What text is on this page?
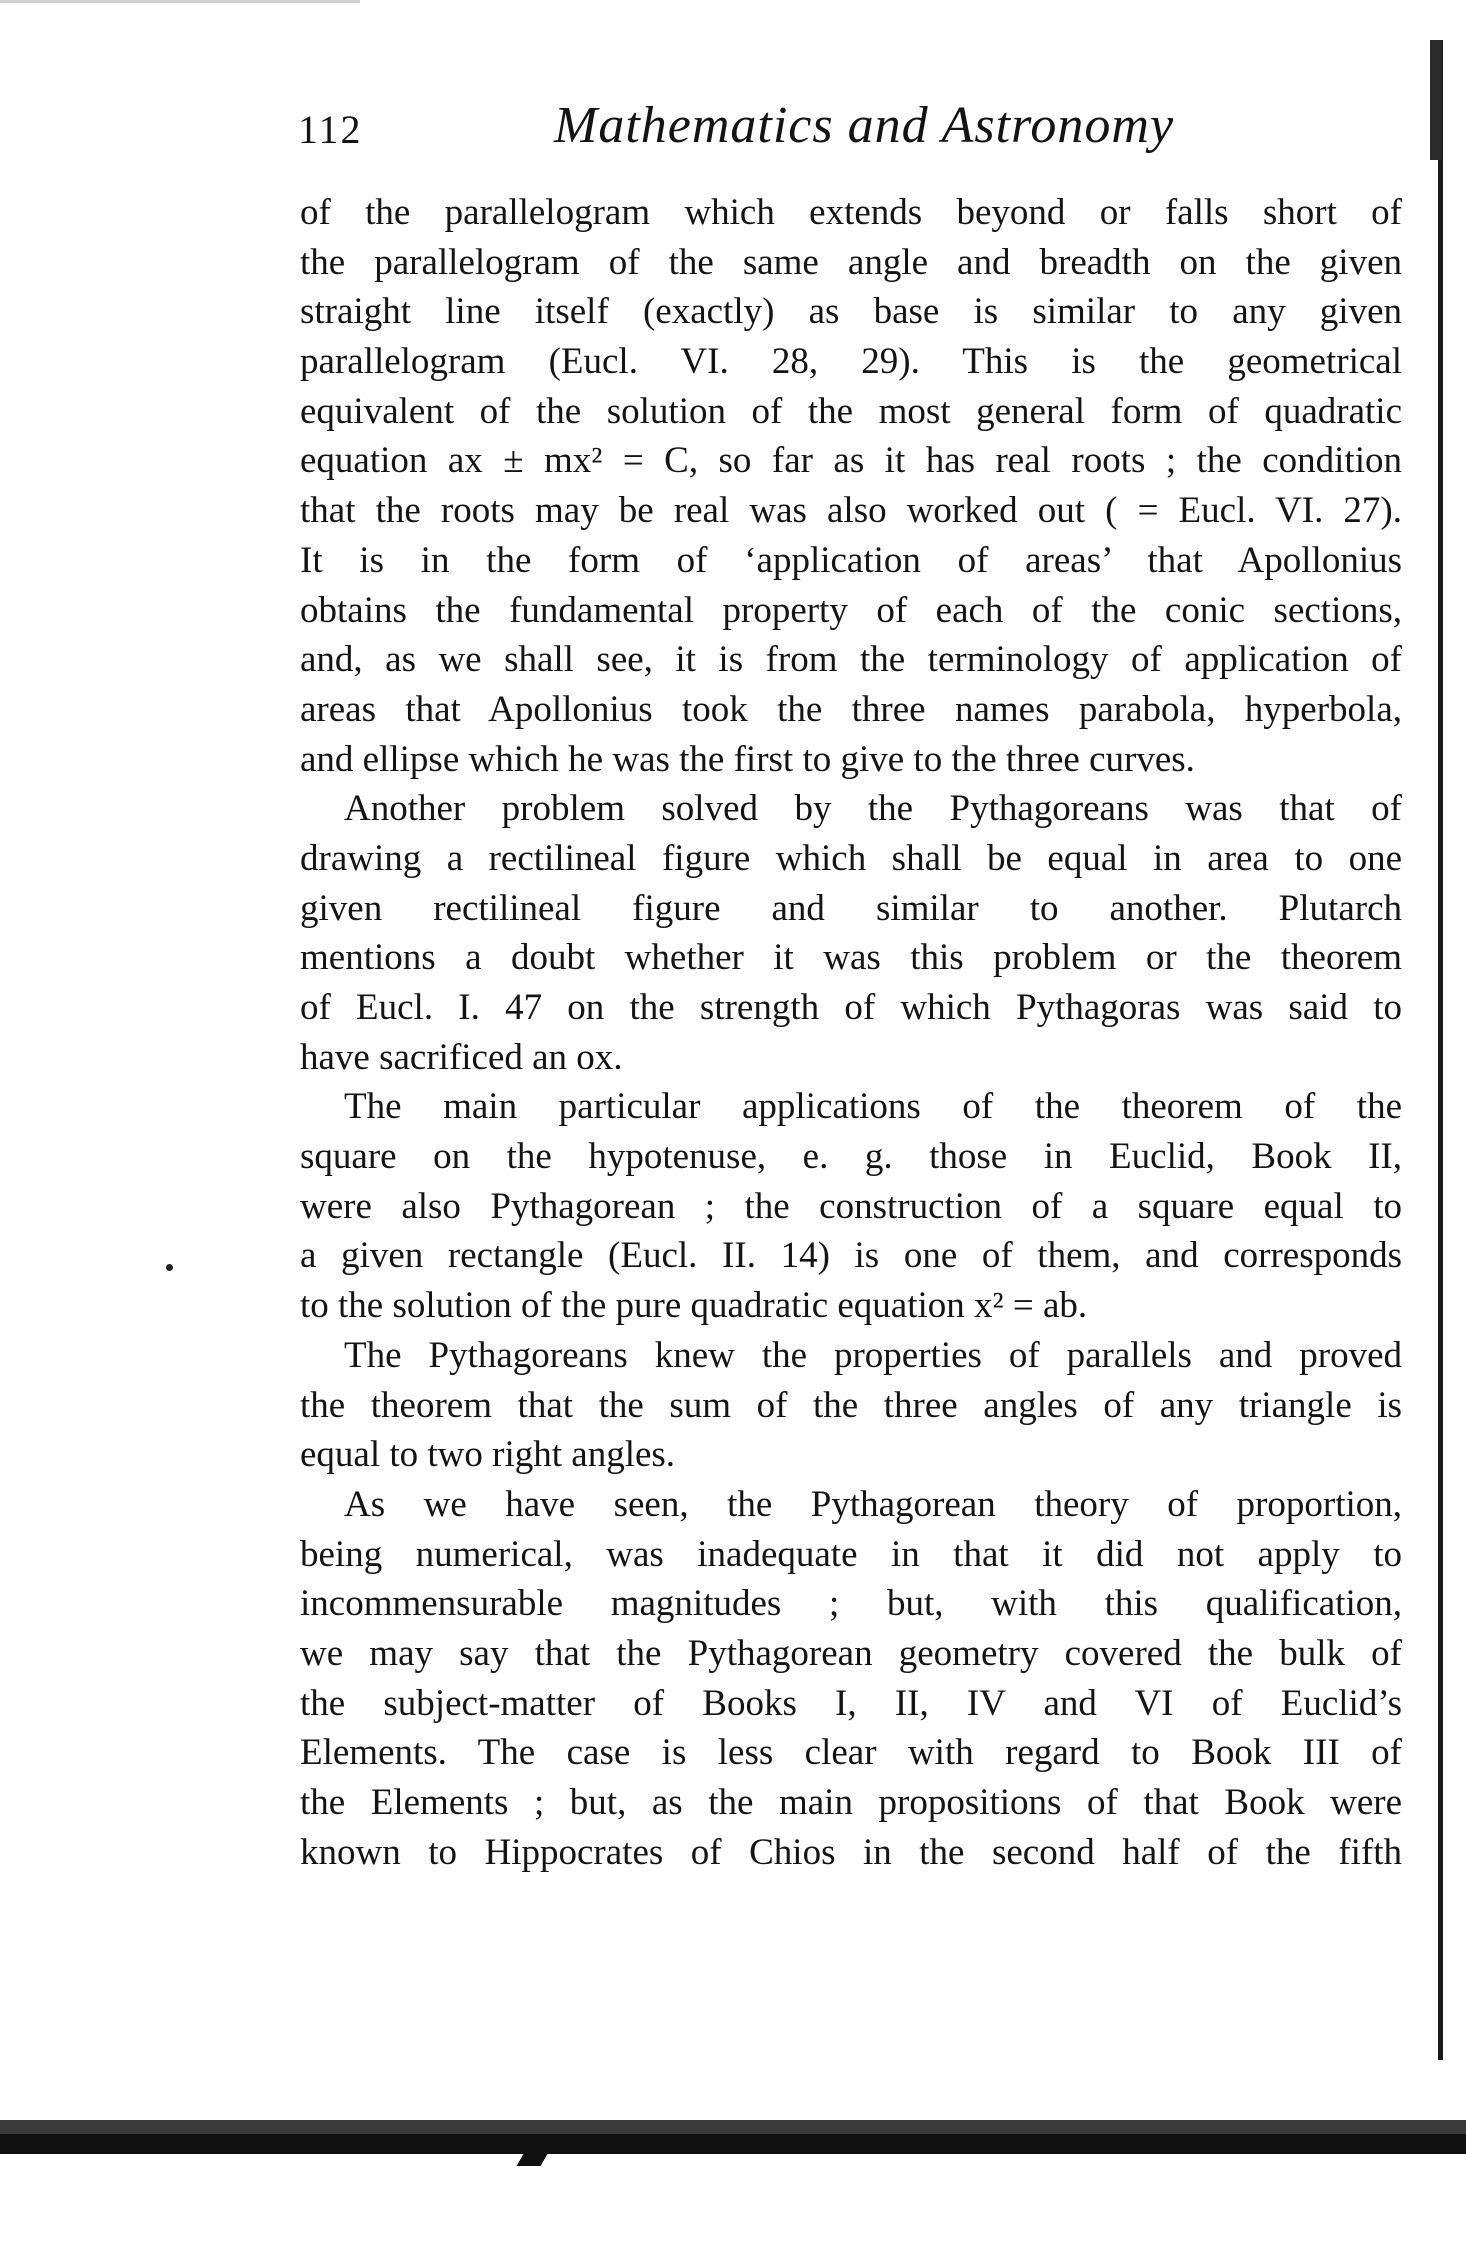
112	Mathematics and Astronomy
of the parallelogram which extends beyond or falls short of
the parallelogram of the same angle and breadth on the given
straight line itself (exactly) as base is similar to any given
parallelogram (Eucl. VI. 28, 29). This is the geometrical
equivalent of the solution of the most general form of quadratic
equation ax ± mx² = C, so far as it has real roots ; the condition
that the roots may be real was also worked out ( = Eucl. VI. 27).
It is in the form of ‘application of areas’ that Apollonius
obtains the fundamental property of each of the conic sections,
and, as we shall see, it is from the terminology of application of
areas that Apollonius took the three names parabola, hyperbola,
and ellipse which he was the first to give to the three curves.
Another problem solved by the Pythagoreans was that of
drawing a rectilineal figure which shall be equal in area to one
given rectilineal figure and similar to another. Plutarch
mentions a doubt whether it was this problem or the theorem
of Eucl. I. 47 on the strength of which Pythagoras was said to
have sacrificed an ox.
The main particular applications of the theorem of the
square on the hypotenuse, e. g. those in Euclid, Book II,
were also Pythagorean ; the construction of a square equal to
a given rectangle (Eucl. II. 14) is one of them, and corresponds
to the solution of the pure quadratic equation x² = ab.
The Pythagoreans knew the properties of parallels and proved
the theorem that the sum of the three angles of any triangle is
equal to two right angles.
As we have seen, the Pythagorean theory of proportion,
being numerical, was inadequate in that it did not apply to
incommensurable magnitudes ; but, with this qualification,
we may say that the Pythagorean geometry covered the bulk of
the subject-matter of Books I, II, IV and VI of Euclid’s
Elements. The case is less clear with regard to Book III of
the Elements ; but, as the main propositions of that Book were
known to Hippocrates of Chios in the second half of the fifth
